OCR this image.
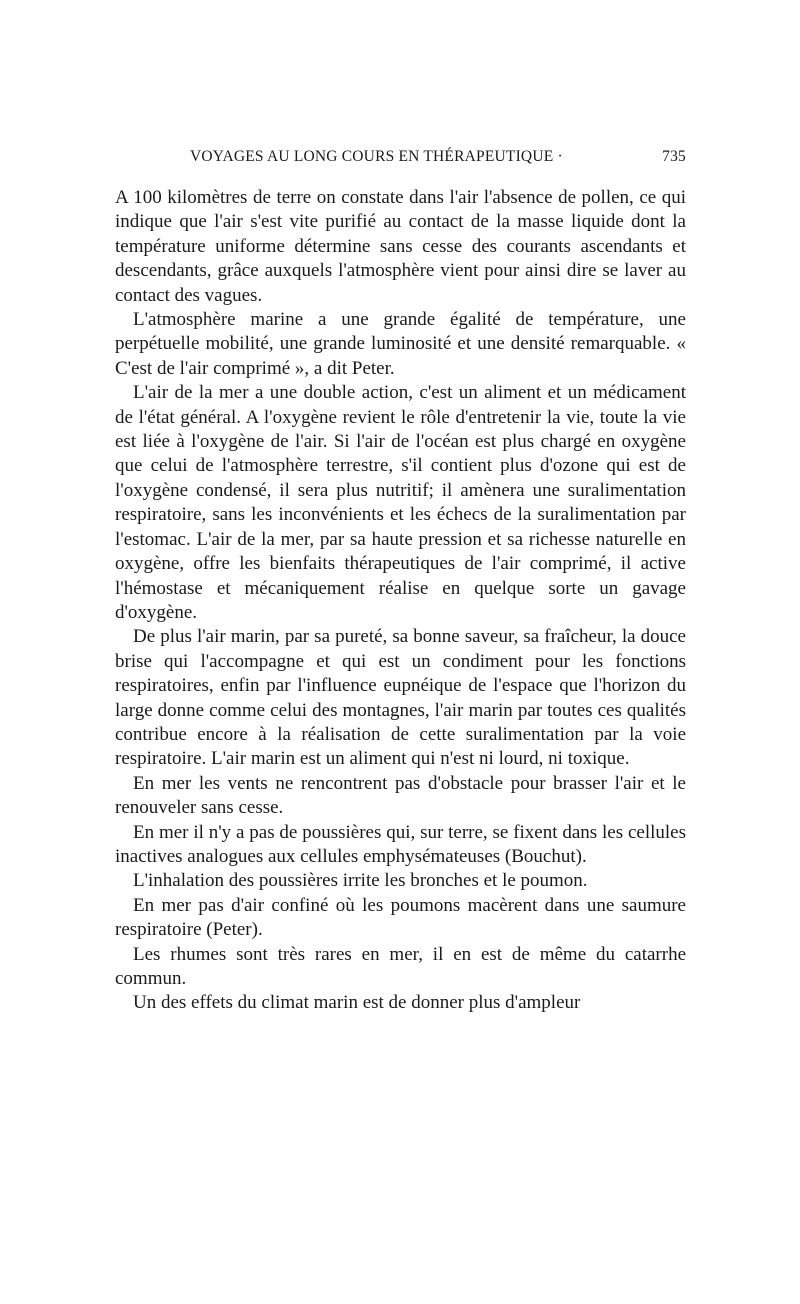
VOYAGES AU LONG COURS EN THÉRAPEUTIQUE ·	735

A 100 kilomètres de terre on constate dans l'air l'absence de pollen, ce qui indique que l'air s'est vite purifié au contact de la masse liquide dont la température uniforme détermine sans cesse des courants ascendants et descendants, grâce auxquels l'atmosphère vient pour ainsi dire se laver au contact des vagues.

L'atmosphère marine a une grande égalité de température, une perpétuelle mobilité, une grande luminosité et une densité remarquable. « C'est de l'air comprimé », a dit Peter.

L'air de la mer a une double action, c'est un aliment et un médicament de l'état général. A l'oxygène revient le rôle d'entretenir la vie, toute la vie est liée à l'oxygène de l'air. Si l'air de l'océan est plus chargé en oxygène que celui de l'atmosphère terrestre, s'il contient plus d'ozone qui est de l'oxygène condensé, il sera plus nutritif; il amènera une suralimentation respiratoire, sans les inconvénients et les échecs de la suralimentation par l'estomac. L'air de la mer, par sa haute pression et sa richesse naturelle en oxygène, offre les bienfaits thérapeutiques de l'air comprimé, il active l'hémostase et mécaniquement réalise en quelque sorte un gavage d'oxygène.

De plus l'air marin, par sa pureté, sa bonne saveur, sa fraîcheur, la douce brise qui l'accompagne et qui est un condiment pour les fonctions respiratoires, enfin par l'influence eupnéique de l'espace que l'horizon du large donne comme celui des montagnes, l'air marin par toutes ces qualités contribue encore à la réalisation de cette suralimentation par la voie respiratoire. L'air marin est un aliment qui n'est ni lourd, ni toxique.

En mer les vents ne rencontrent pas d'obstacle pour brasser l'air et le renouveler sans cesse.

En mer il n'y a pas de poussières qui, sur terre, se fixent dans les cellules inactives analogues aux cellules emphysémateuses (Bouchut).

L'inhalation des poussières irrite les bronches et le poumon.

En mer pas d'air confiné où les poumons macèrent dans une saumure respiratoire (Peter).

Les rhumes sont très rares en mer, il en est de même du catarrhe commun.

Un des effets du climat marin est de donner plus d'ampleur
